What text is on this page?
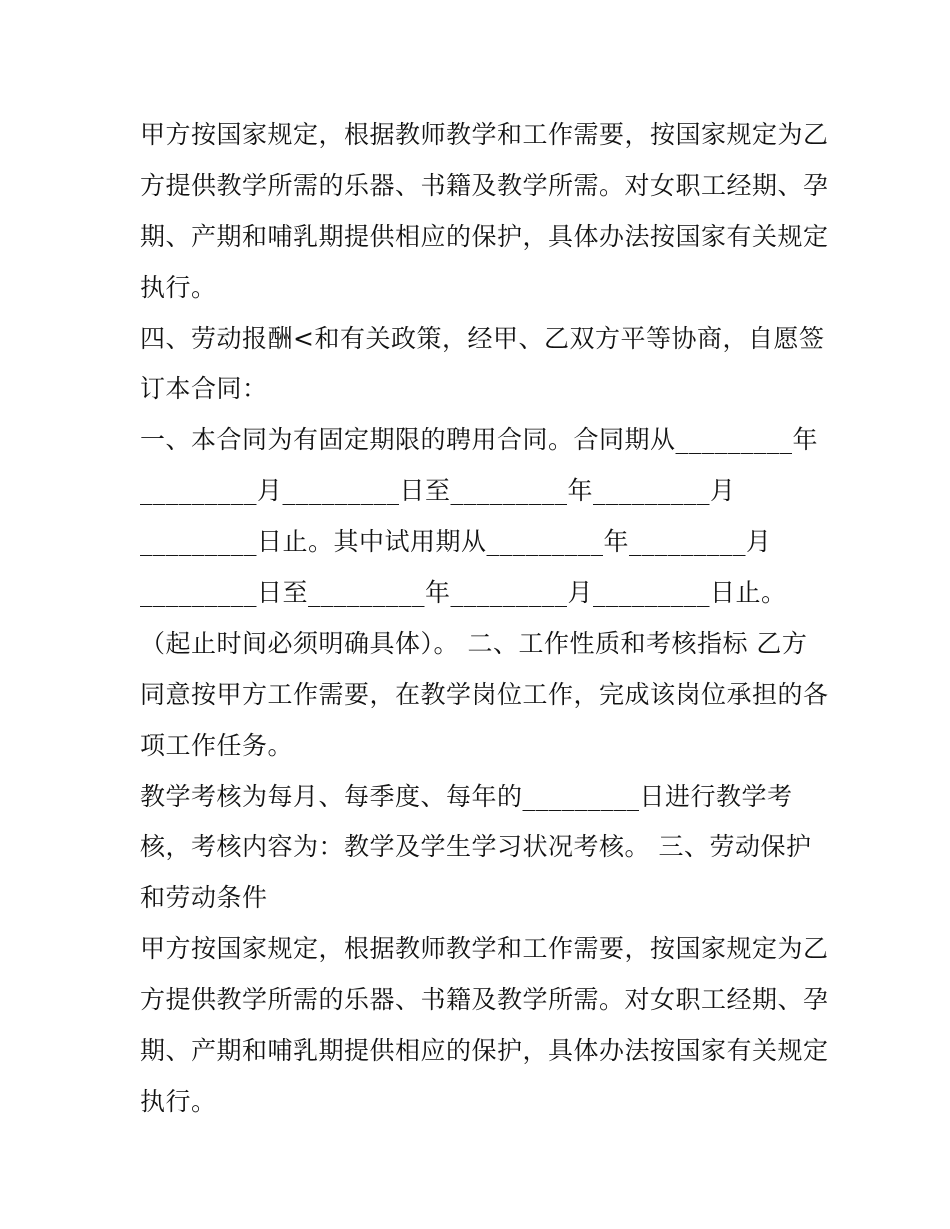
甲方按国家规定，根据教师教学和工作需要，按国家规定为乙
方提供教学所需的乐器、书籍及教学所需。对女职工经期、孕
期、产期和哺乳期提供相应的保护，具体办法按国家有关规定
执行。
四、劳动报酬<和有关政策，经甲、乙双方平等协商，自愿签
订本合同：
一、本合同为有固定期限的聘用合同。合同期从_________年
_________月_________日至_________年_________月
_________日止。其中试用期从_________年_________月
_________日至_________年_________月_________日止。
（起止时间必须明确具体）。 二、工作性质和考核指标 乙方
同意按甲方工作需要，在教学岗位工作，完成该岗位承担的各
项工作任务。
教学考核为每月、每季度、每年的_________日进行教学考
核，考核内容为：教学及学生学习状况考核。 三、劳动保护
和劳动条件
甲方按国家规定，根据教师教学和工作需要，按国家规定为乙
方提供教学所需的乐器、书籍及教学所需。对女职工经期、孕
期、产期和哺乳期提供相应的保护，具体办法按国家有关规定
执行。
